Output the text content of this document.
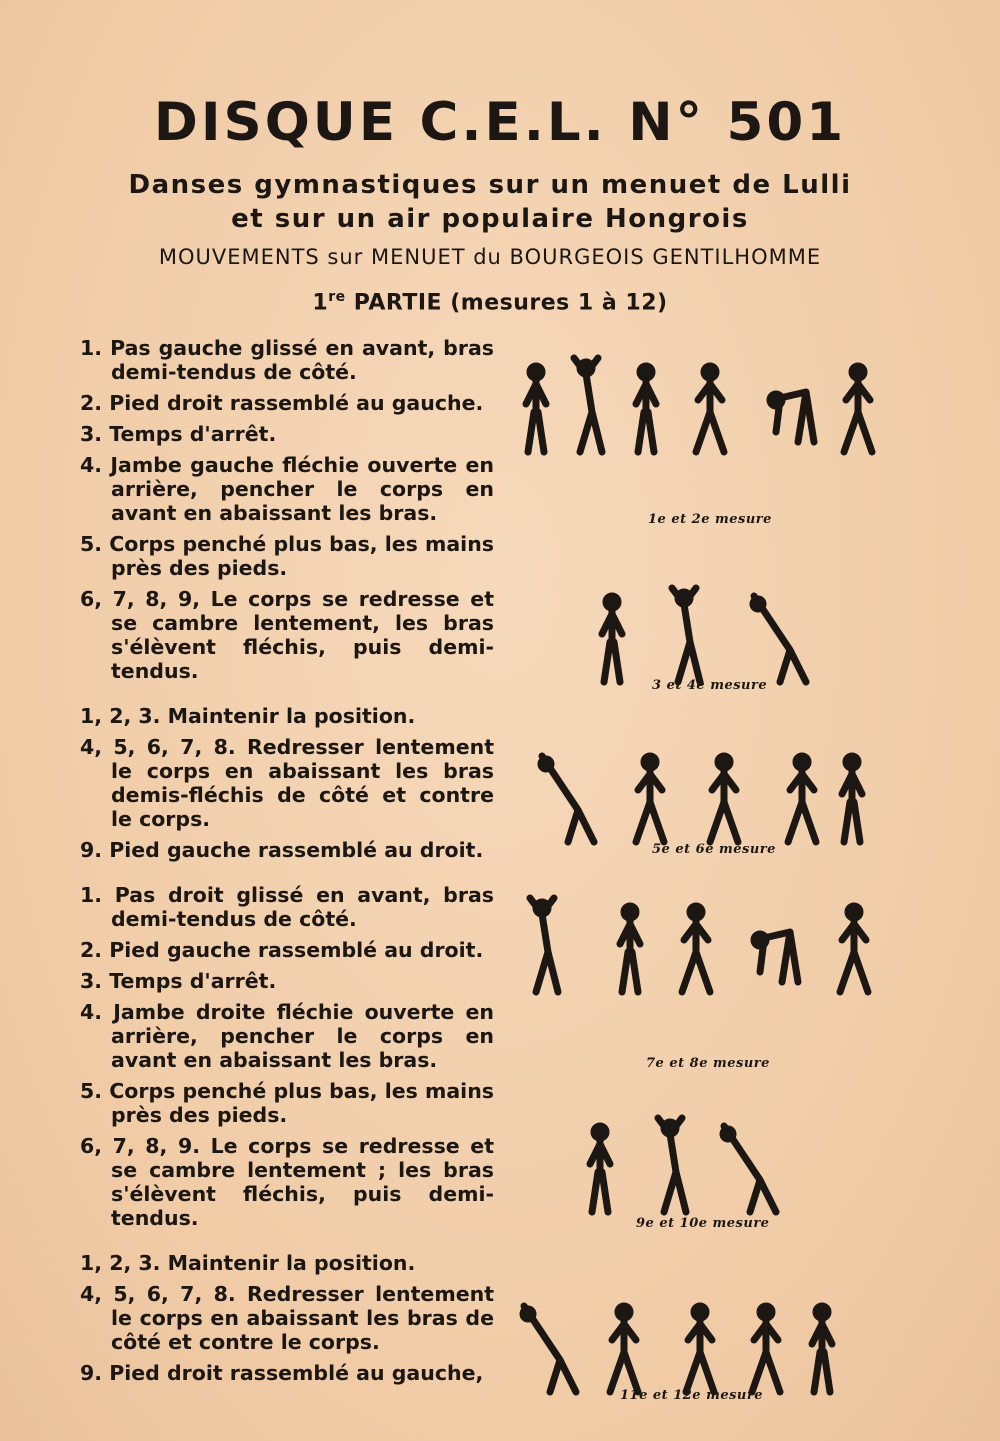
DISQUE C.E.L. N° 501
Danses gymnastiques sur un menuet de Lulli
et sur un air populaire Hongrois
MOUVEMENTS sur MENUET du BOURGEOIS GENTILHOMME
1re PARTIE (mesures 1 à 12)

1. Pas gauche glissé en avant, bras demi-tendus de côté.

2. Pied droit rassemblé au gauche.

3. Temps d'arrêt.

4. Jambe gauche fléchie ouverte en arrière, pencher le corps en avant en abaissant les bras.

5. Corps penché plus bas, les mains près des pieds.

6, 7, 8, 9, Le corps se redresse et se cambre lentement, les bras s'élèvent fléchis, puis demi-tendus.

1, 2, 3. Maintenir la position.

4, 5, 6, 7, 8. Redresser lentement le corps en abaissant les bras demis-fléchis de côté et contre le corps.

9. Pied gauche rassemblé au droit.

1. Pas droit glissé en avant, bras demi-tendus de côté.

2. Pied gauche rassemblé au droit.

3. Temps d'arrêt.

4. Jambe droite fléchie ouverte en arrière, pencher le corps en avant en abaissant les bras.

5. Corps penché plus bas, les mains près des pieds.

6, 7, 8, 9. Le corps se redresse et se cambre lentement ; les bras s'élèvent fléchis, puis demi-tendus.

1, 2, 3. Maintenir la position.

4, 5, 6, 7, 8. Redresser lentement le corps en abaissant les bras de côté et contre le corps.

9. Pied droit rassemblé au gauche,

1e et 2e mesure
3 et 4e mesure
5e et 6e mesure
7e et 8e mesure
9e et 10e mesure
11e et 12e mesure
